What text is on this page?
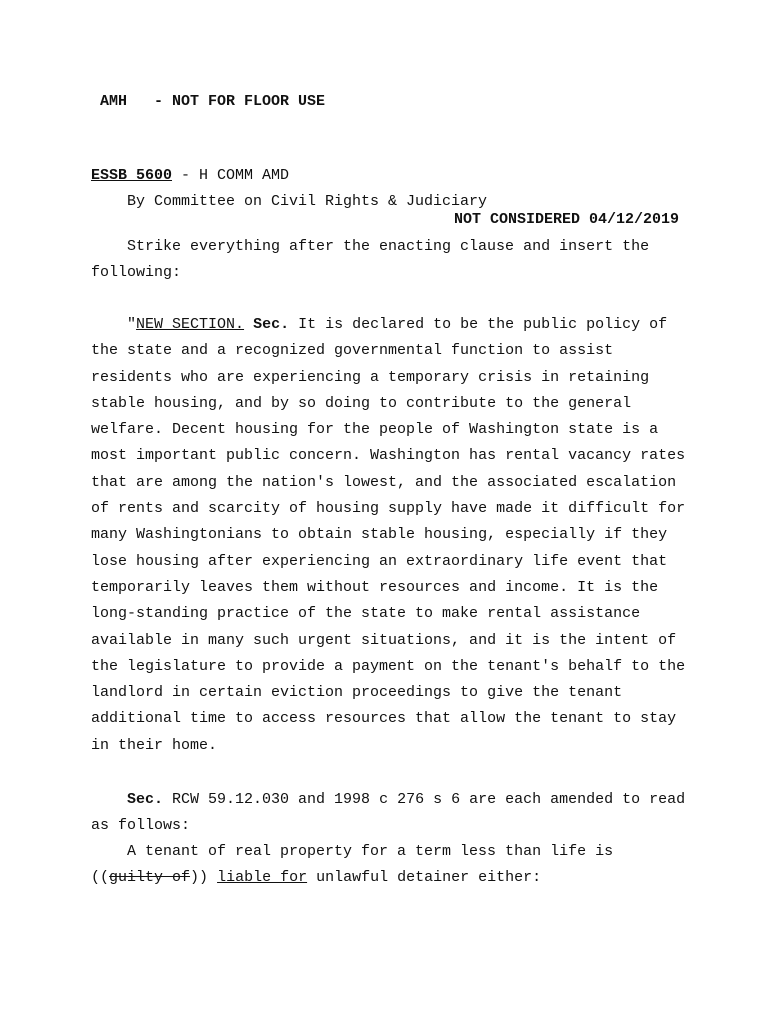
AMH - NOT FOR FLOOR USE
ESSB 5600 - H COMM AMD
By Committee on Civil Rights & Judiciary
NOT CONSIDERED 04/12/2019
Strike everything after the enacting clause and insert the following:
"NEW SECTION. Sec. It is declared to be the public policy of the state and a recognized governmental function to assist residents who are experiencing a temporary crisis in retaining stable housing, and by so doing to contribute to the general welfare. Decent housing for the people of Washington state is a most important public concern. Washington has rental vacancy rates that are among the nation's lowest, and the associated escalation of rents and scarcity of housing supply have made it difficult for many Washingtonians to obtain stable housing, especially if they lose housing after experiencing an extraordinary life event that temporarily leaves them without resources and income. It is the long-standing practice of the state to make rental assistance available in many such urgent situations, and it is the intent of the legislature to provide a payment on the tenant's behalf to the landlord in certain eviction proceedings to give the tenant additional time to access resources that allow the tenant to stay in their home.
Sec. RCW 59.12.030 and 1998 c 276 s 6 are each amended to read as follows:
A tenant of real property for a term less than life is ((guilty of)) liable for unlawful detainer either:
